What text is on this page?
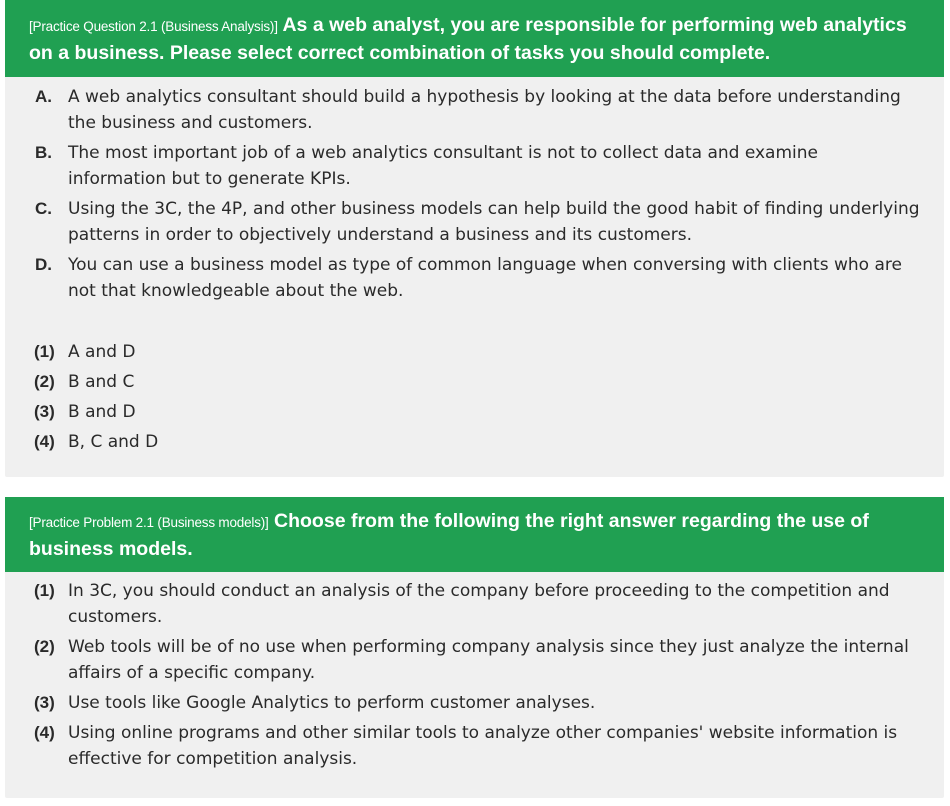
[Practice Question 2.1 (Business Analysis)] As a web analyst, you are responsible for performing web analytics on a business. Please select correct combination of tasks you should complete.
A. A web analytics consultant should build a hypothesis by looking at the data before understanding the business and customers.
B. The most important job of a web analytics consultant is not to collect data and examine information but to generate KPIs.
C. Using the 3C, the 4P, and other business models can help build the good habit of finding underlying patterns in order to objectively understand a business and its customers.
D. You can use a business model as type of common language when conversing with clients who are not that knowledgeable about the web.
(1) A and D
(2) B and C
(3) B and D
(4) B, C and D
[Practice Problem 2.1 (Business models)] Choose from the following the right answer regarding the use of business models.
(1) In 3C, you should conduct an analysis of the company before proceeding to the competition and customers.
(2) Web tools will be of no use when performing company analysis since they just analyze the internal affairs of a specific company.
(3) Use tools like Google Analytics to perform customer analyses.
(4) Using online programs and other similar tools to analyze other companies' website information is effective for competition analysis.
